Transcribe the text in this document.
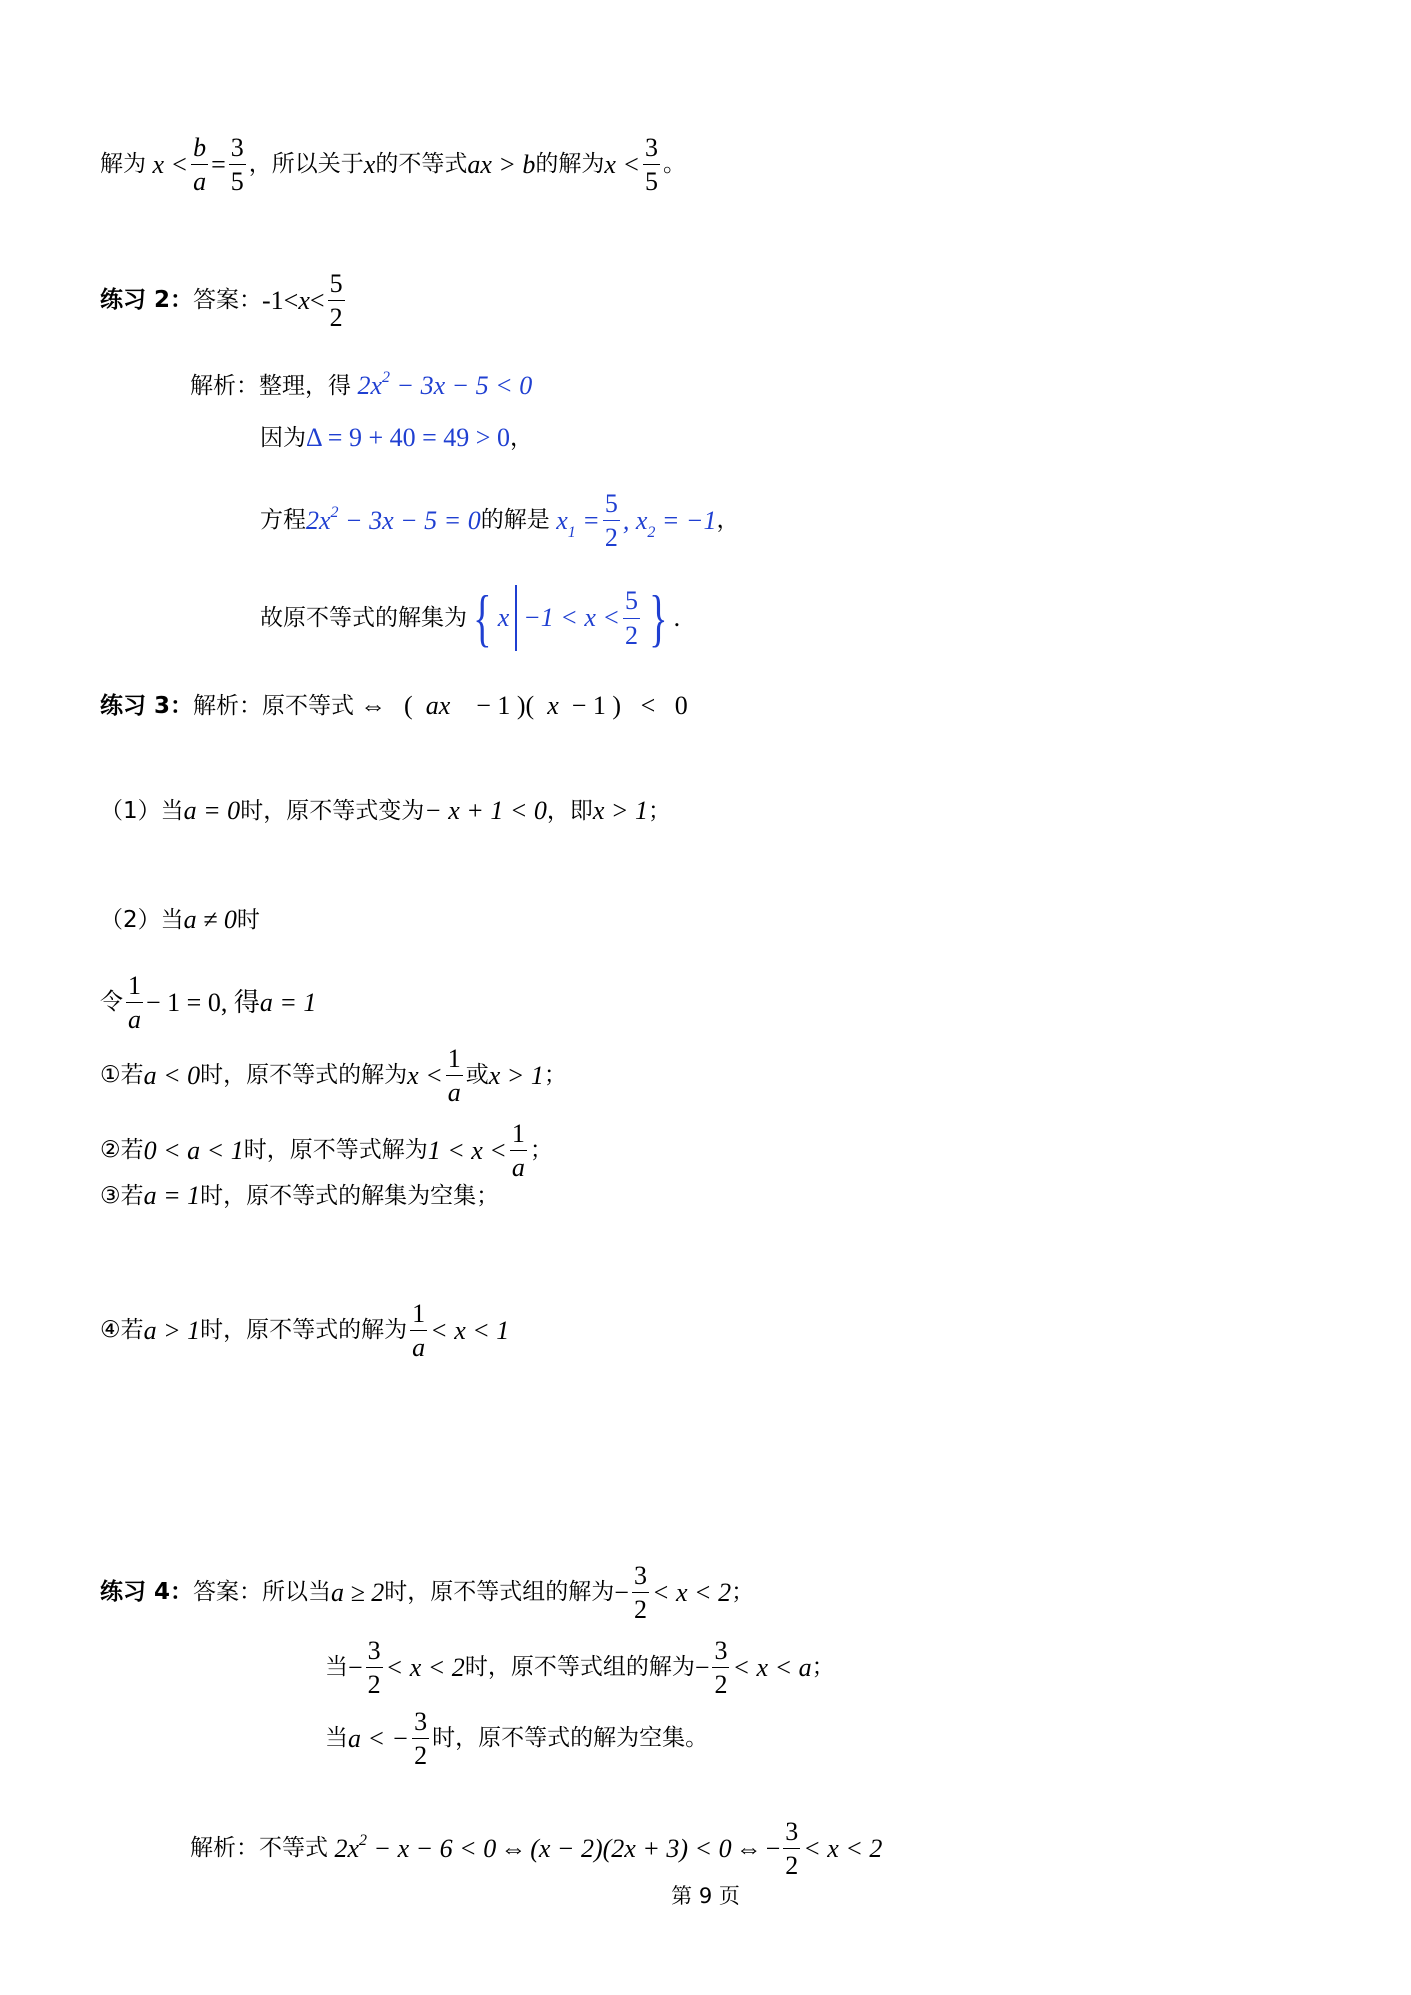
解为 $x < \frac{b}{a} = \frac{3}{5}$ ，所以关于 x 的不等式 ax > b 的解为 $x < \frac{3}{5}$ 。
练习 2 ： 答案： $-1< x < \frac{5}{2}$
解析：整理，得 $2x^2 - 3x - 5 < 0$
因为 Δ = 9 + 40 = 49 > 0 ，
方程 $2x^2 - 3x - 5 = 0$ 的解是 $x_1 = \frac{5}{2}$ , $x_2 = -1$ ，
故原不等式的解集为 { $x -1 < x < \frac{5}{2}$ } .
练习 3 ： 解析：原不等式 ⇔ (  ax    − 1 )(  x  − 1 )   <   0
（1）当 a = 0 时，原不等式变为 − x + 1 < 0 ，即 x > 1 ；
（2）当 a ≠ 0 时
令 $\frac{1}{a} - 1 = 0$, 得 a = 1
①若 a < 0 时，原不等式的解为 $x < \frac{1}{a}$ 或 x > 1 ；
②若 0 < a < 1 时，原不等式解为 $1 < x < \frac{1}{a}$ ；
③若 a = 1 时，原不等式的解集为空集；
④若 a > 1 时，原不等式的解为 $\frac{1}{a} < x < 1$
练习 4 ： 答案：所以当 a ≥ 2 时，原不等式组的解为 − $\frac{3}{2} < x < 2$ ；
当 − $\frac{3}{2} < x < 2$ 时，原不等式组的解为 − $\frac{3}{2} < x < a$ ；
当 a < − $\frac{3}{2}$ 时，原不等式的解为空集。
解析：不等式 $2x^2 - x - 6 < 0$ ⇔ (x − 2)(2x + 3) < 0 ⇔ − $\frac{3}{2} < x < 2$
第 9 页
